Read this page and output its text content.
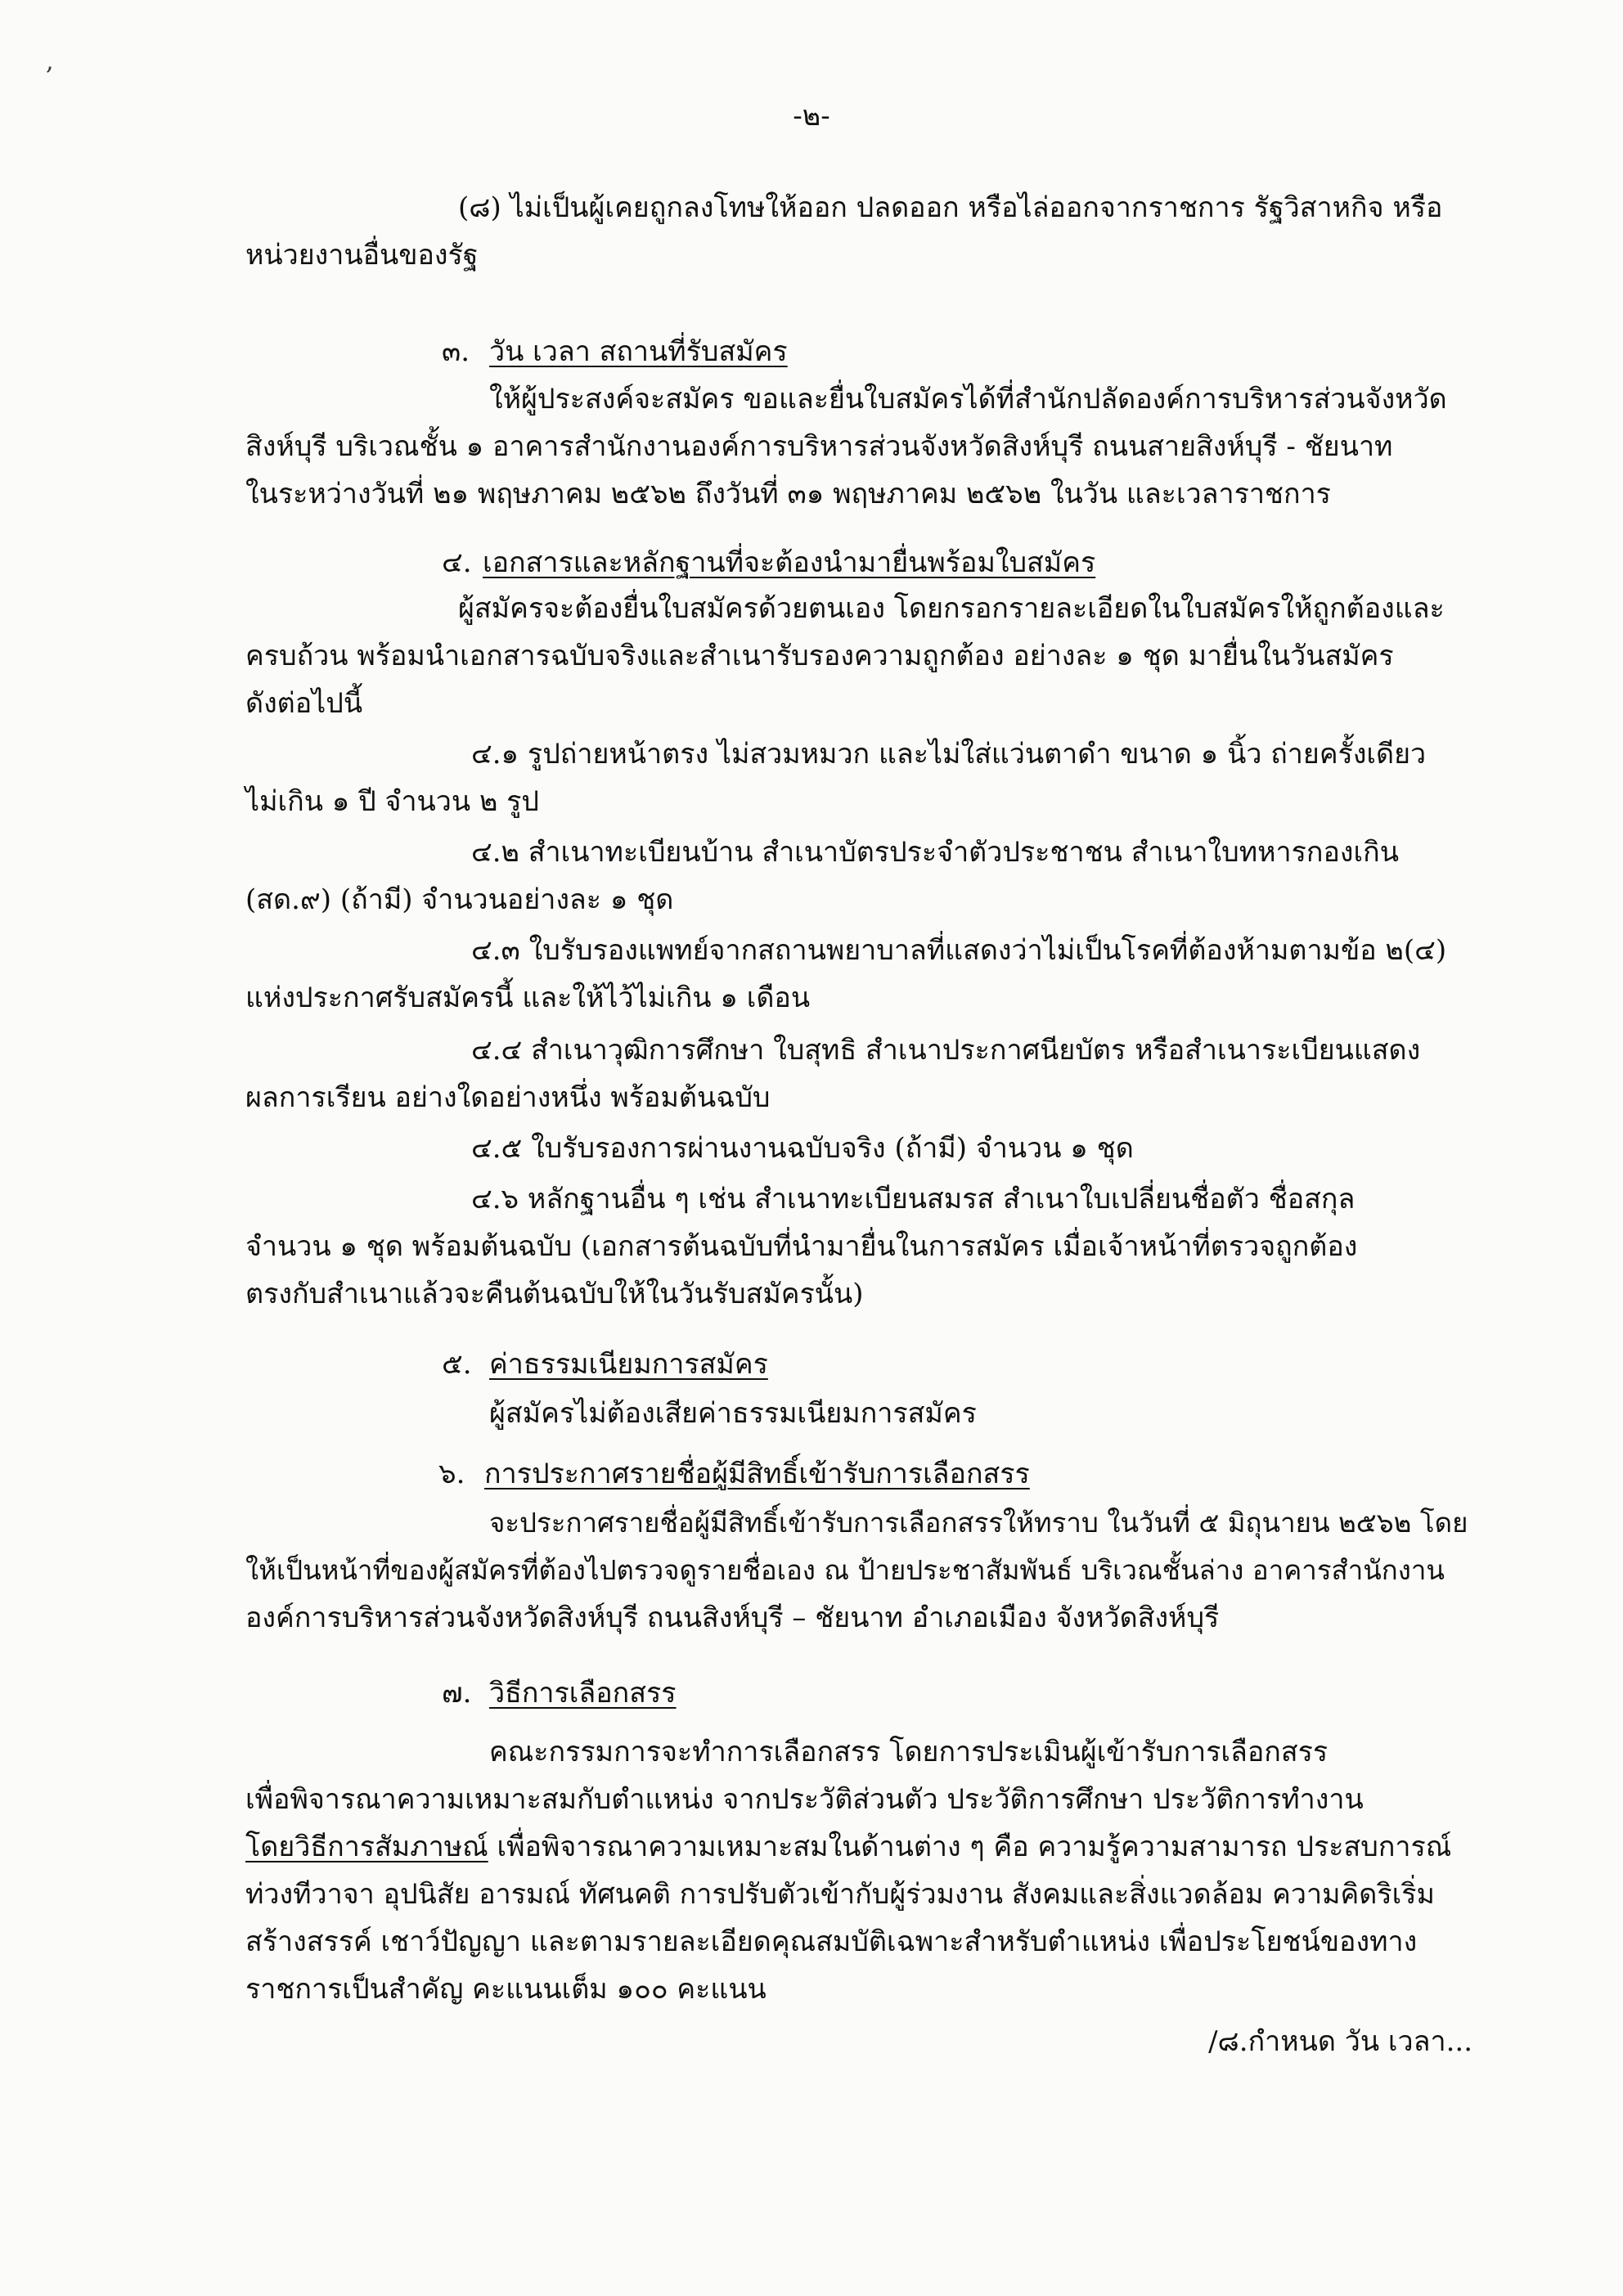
,
-๒-
(๘) ไม่เป็นผู้เคยถูกลงโทษให้ออก ปลดออก หรือไล่ออกจากราชการ รัฐวิสาหกิจ หรือ
หน่วยงานอื่นของรัฐ
๓. วัน เวลา สถานที่รับสมัคร
ให้ผู้ประสงค์จะสมัคร ขอและยื่นใบสมัครได้ที่สำนักปลัดองค์การบริหารส่วนจังหวัด
สิงห์บุรี บริเวณชั้น ๑ อาคารสำนักงานองค์การบริหารส่วนจังหวัดสิงห์บุรี ถนนสายสิงห์บุรี - ชัยนาท
ในระหว่างวันที่ ๒๑ พฤษภาคม ๒๕๖๒ ถึงวันที่ ๓๑ พฤษภาคม ๒๕๖๒ ในวัน และเวลาราชการ
๔. เอกสารและหลักฐานที่จะต้องนำมายื่นพร้อมใบสมัคร
ผู้สมัครจะต้องยื่นใบสมัครด้วยตนเอง โดยกรอกรายละเอียดในใบสมัครให้ถูกต้องและ
ครบถ้วน พร้อมนำเอกสารฉบับจริงและสำเนารับรองความถูกต้อง อย่างละ ๑ ชุด มายื่นในวันสมัคร
ดังต่อไปนี้
๔.๑ รูปถ่ายหน้าตรง ไม่สวมหมวก และไม่ใส่แว่นตาดำ ขนาด ๑ นิ้ว ถ่ายครั้งเดียว
ไม่เกิน ๑ ปี จำนวน ๒ รูป
๔.๒ สำเนาทะเบียนบ้าน สำเนาบัตรประจำตัวประชาชน สำเนาใบทหารกองเกิน
(สด.๙) (ถ้ามี) จำนวนอย่างละ ๑ ชุด
๔.๓ ใบรับรองแพทย์จากสถานพยาบาลที่แสดงว่าไม่เป็นโรคที่ต้องห้ามตามข้อ ๒(๔)
แห่งประกาศรับสมัครนี้ และให้ไว้ไม่เกิน ๑ เดือน
๔.๔ สำเนาวุฒิการศึกษา ใบสุทธิ สำเนาประกาศนียบัตร หรือสำเนาระเบียนแสดง
ผลการเรียน อย่างใดอย่างหนึ่ง พร้อมต้นฉบับ
๔.๕ ใบรับรองการผ่านงานฉบับจริง (ถ้ามี) จำนวน ๑ ชุด
๔.๖ หลักฐานอื่น ๆ เช่น สำเนาทะเบียนสมรส สำเนาใบเปลี่ยนชื่อตัว ชื่อสกุล
จำนวน ๑ ชุด พร้อมต้นฉบับ (เอกสารต้นฉบับที่นำมายื่นในการสมัคร เมื่อเจ้าหน้าที่ตรวจถูกต้อง
ตรงกับสำเนาแล้วจะคืนต้นฉบับให้ในวันรับสมัครนั้น)
๕. ค่าธรรมเนียมการสมัคร
ผู้สมัครไม่ต้องเสียค่าธรรมเนียมการสมัคร
๖. การประกาศรายชื่อผู้มีสิทธิ์เข้ารับการเลือกสรร
จะประกาศรายชื่อผู้มีสิทธิ์เข้ารับการเลือกสรรให้ทราบ ในวันที่ ๕ มิถุนายน ๒๕๖๒ โดย
ให้เป็นหน้าที่ของผู้สมัครที่ต้องไปตรวจดูรายชื่อเอง ณ ป้ายประชาสัมพันธ์ บริเวณชั้นล่าง อาคารสำนักงาน
องค์การบริหารส่วนจังหวัดสิงห์บุรี ถนนสิงห์บุรี – ชัยนาท อำเภอเมือง จังหวัดสิงห์บุรี
๗. วิธีการเลือกสรร
คณะกรรมการจะทำการเลือกสรร โดยการประเมินผู้เข้ารับการเลือกสรร
เพื่อพิจารณาความเหมาะสมกับตำแหน่ง จากประวัติส่วนตัว ประวัติการศึกษา ประวัติการทำงาน
โดยวิธีการสัมภาษณ์ เพื่อพิจารณาความเหมาะสมในด้านต่าง ๆ คือ ความรู้ความสามารถ ประสบการณ์
ท่วงทีวาจา อุปนิสัย อารมณ์ ทัศนคติ การปรับตัวเข้ากับผู้ร่วมงาน สังคมและสิ่งแวดล้อม ความคิดริเริ่ม
สร้างสรรค์ เชาว์ปัญญา และตามรายละเอียดคุณสมบัติเฉพาะสำหรับตำแหน่ง เพื่อประโยชน์ของทาง
ราชการเป็นสำคัญ คะแนนเต็ม ๑๐๐ คะแนน
/๘.กำหนด วัน เวลา...
